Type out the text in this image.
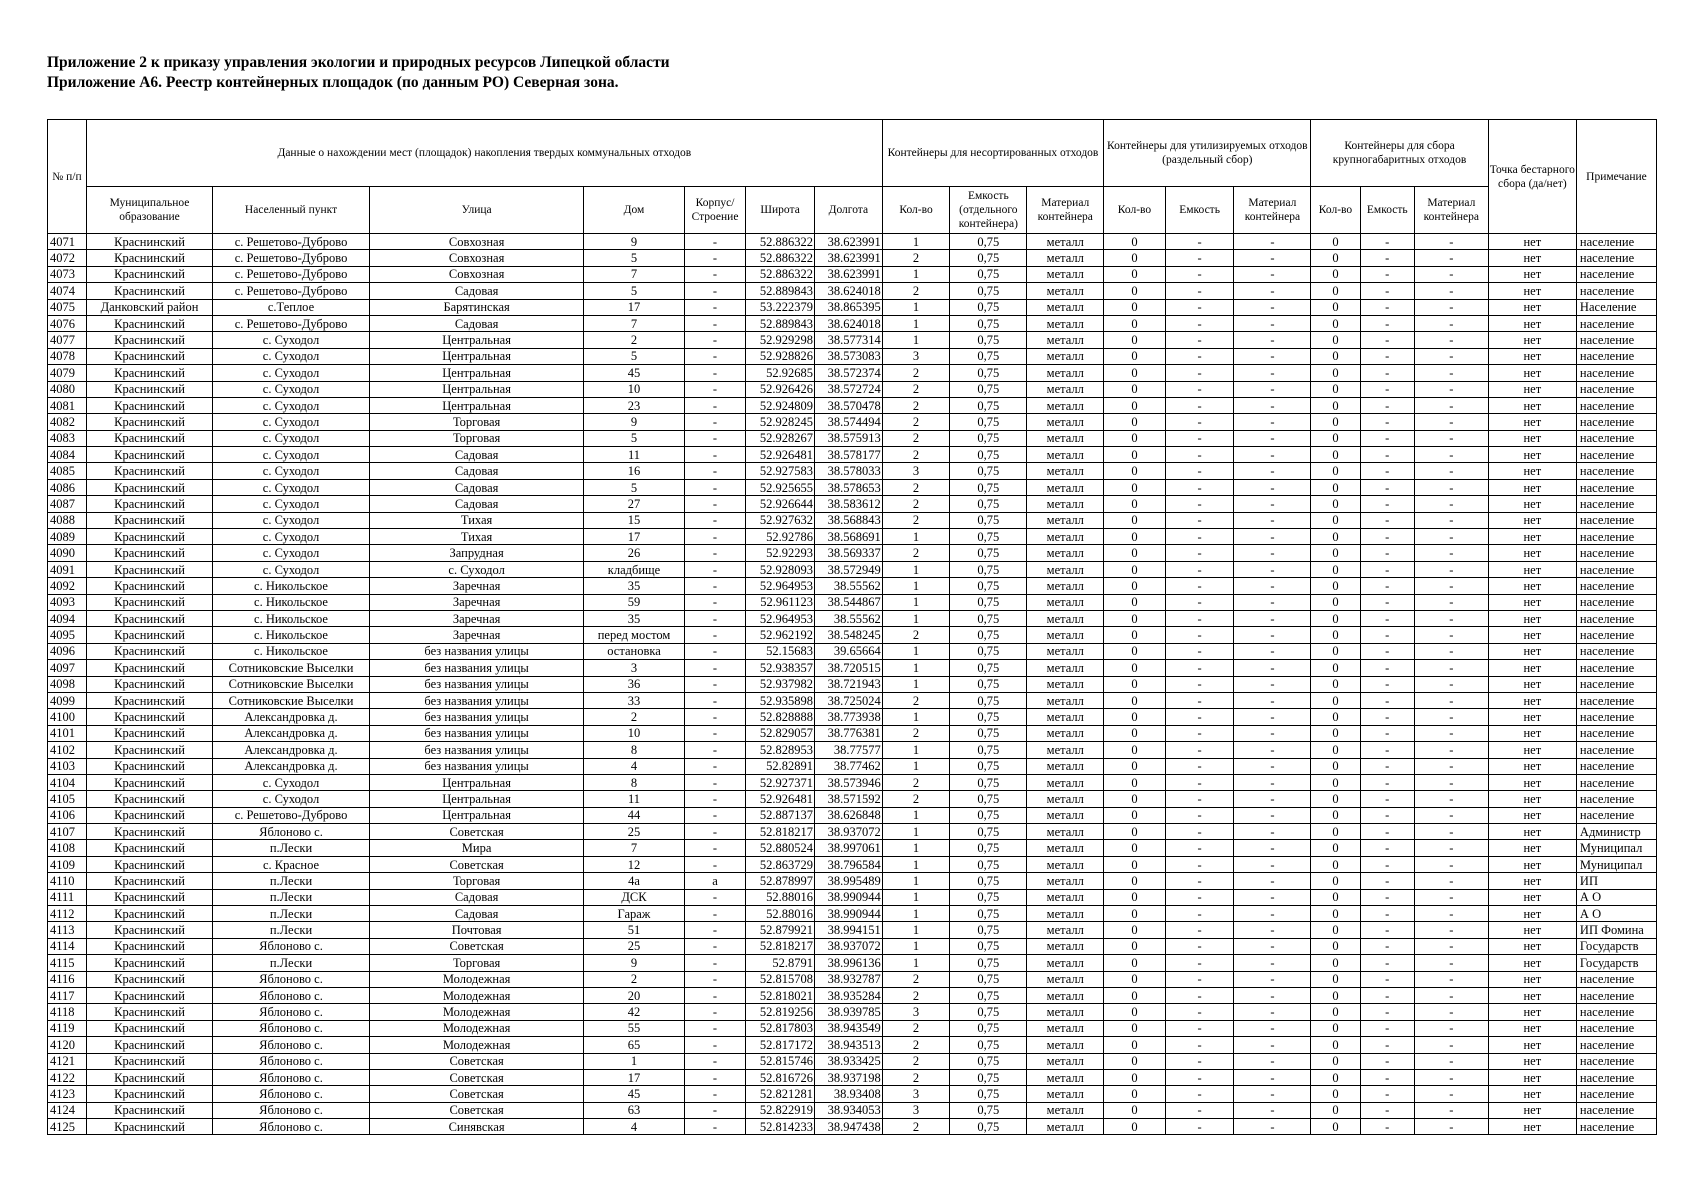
Приложение 2 к приказу управления экологии и природных ресурсов Липецкой области
Приложение А6. Реестр контейнерных площадок (по данным РО) Северная зона.
№ п/п	Данные о нахождении мест (площадок) накопления твердых коммунальных отходов							Контейнеры для несортированных отходов			Контейнеры для утилизируемых отходов (раздельный сбор)			Контейнеры для сбора крупногабаритных отходов			Точка бестарного сбора (да/нет)	Примечание
	Муниципальное образование	Населенный пункт	Улица	Дом	Корпус/ Строение	Широта	Долгота	Кол-во	Емкость (отдельного контейнера)	Материал контейнера	Кол-во	Емкость	Материал контейнера	Кол-во	Емкость	Материал контейнера		
4071	Краснинский	с. Решетово-Дуброво	Совхозная	9	-	52.886322	38.623991	1	0,75	металл	0	-	-	0	-	-	нет	население
4072	Краснинский	с. Решетово-Дуброво	Совхозная	5	-	52.886322	38.623991	2	0,75	металл	0	-	-	0	-	-	нет	население
4073	Краснинский	с. Решетово-Дуброво	Совхозная	7	-	52.886322	38.623991	1	0,75	металл	0	-	-	0	-	-	нет	население
4074	Краснинский	с. Решетово-Дуброво	Садовая	5	-	52.889843	38.624018	2	0,75	металл	0	-	-	0	-	-	нет	население
4075	Данковский район	с.Теплое	Барятинская	17	-	53.222379	38.865395	1	0,75	металл	0	-	-	0	-	-	нет	Население
4076	Краснинский	с. Решетово-Дуброво	Садовая	7	-	52.889843	38.624018	1	0,75	металл	0	-	-	0	-	-	нет	население
4077	Краснинский	с. Суходол	Центральная	2	-	52.929298	38.577314	1	0,75	металл	0	-	-	0	-	-	нет	население
4078	Краснинский	с. Суходол	Центральная	5	-	52.928826	38.573083	3	0,75	металл	0	-	-	0	-	-	нет	население
4079	Краснинский	с. Суходол	Центральная	45	-	52.92685	38.572374	2	0,75	металл	0	-	-	0	-	-	нет	население
4080	Краснинский	с. Суходол	Центральная	10	-	52.926426	38.572724	2	0,75	металл	0	-	-	0	-	-	нет	население
4081	Краснинский	с. Суходол	Центральная	23	-	52.924809	38.570478	2	0,75	металл	0	-	-	0	-	-	нет	население
4082	Краснинский	с. Суходол	Торговая	9	-	52.928245	38.574494	2	0,75	металл	0	-	-	0	-	-	нет	население
4083	Краснинский	с. Суходол	Торговая	5	-	52.928267	38.575913	2	0,75	металл	0	-	-	0	-	-	нет	население
4084	Краснинский	с. Суходол	Садовая	11	-	52.926481	38.578177	2	0,75	металл	0	-	-	0	-	-	нет	население
4085	Краснинский	с. Суходол	Садовая	16	-	52.927583	38.578033	3	0,75	металл	0	-	-	0	-	-	нет	население
4086	Краснинский	с. Суходол	Садовая	5	-	52.925655	38.578653	2	0,75	металл	0	-	-	0	-	-	нет	население
4087	Краснинский	с. Суходол	Садовая	27	-	52.926644	38.583612	2	0,75	металл	0	-	-	0	-	-	нет	население
4088	Краснинский	с. Суходол	Тихая	15	-	52.927632	38.568843	2	0,75	металл	0	-	-	0	-	-	нет	население
4089	Краснинский	с. Суходол	Тихая	17	-	52.92786	38.568691	1	0,75	металл	0	-	-	0	-	-	нет	население
4090	Краснинский	с. Суходол	Запрудная	26	-	52.92293	38.569337	2	0,75	металл	0	-	-	0	-	-	нет	население
4091	Краснинский	с. Суходол	с. Суходол	кладбище	-	52.928093	38.572949	1	0,75	металл	0	-	-	0	-	-	нет	население
4092	Краснинский	с. Никольское	Заречная	35	-	52.964953	38.55562	1	0,75	металл	0	-	-	0	-	-	нет	население
4093	Краснинский	с. Никольское	Заречная	59	-	52.961123	38.544867	1	0,75	металл	0	-	-	0	-	-	нет	население
4094	Краснинский	с. Никольское	Заречная	35	-	52.964953	38.55562	1	0,75	металл	0	-	-	0	-	-	нет	население
4095	Краснинский	с. Никольское	Заречная	перед мостом	-	52.962192	38.548245	2	0,75	металл	0	-	-	0	-	-	нет	население
4096	Краснинский	с. Никольское	без названия улицы	остановка	-	52.15683	39.65664	1	0,75	металл	0	-	-	0	-	-	нет	население
4097	Краснинский	Сотниковские Выселки	без названия улицы	3	-	52.938357	38.720515	1	0,75	металл	0	-	-	0	-	-	нет	население
4098	Краснинский	Сотниковские Выселки	без названия улицы	36	-	52.937982	38.721943	1	0,75	металл	0	-	-	0	-	-	нет	население
4099	Краснинский	Сотниковские Выселки	без названия улицы	33	-	52.935898	38.725024	2	0,75	металл	0	-	-	0	-	-	нет	население
4100	Краснинский	Александровка д.	без названия улицы	2	-	52.828888	38.773938	1	0,75	металл	0	-	-	0	-	-	нет	население
4101	Краснинский	Александровка д.	без названия улицы	10	-	52.829057	38.776381	2	0,75	металл	0	-	-	0	-	-	нет	население
4102	Краснинский	Александровка д.	без названия улицы	8	-	52.828953	38.77577	1	0,75	металл	0	-	-	0	-	-	нет	население
4103	Краснинский	Александровка д.	без названия улицы	4	-	52.82891	38.77462	1	0,75	металл	0	-	-	0	-	-	нет	население
4104	Краснинский	с. Суходол	Центральная	8	-	52.927371	38.573946	2	0,75	металл	0	-	-	0	-	-	нет	население
4105	Краснинский	с. Суходол	Центральная	11	-	52.926481	38.571592	2	0,75	металл	0	-	-	0	-	-	нет	население
4106	Краснинский	с. Решетово-Дуброво	Центральная	44	-	52.887137	38.626848	1	0,75	металл	0	-	-	0	-	-	нет	население
4107	Краснинский	Яблоново с.	Советская	25	-	52.818217	38.937072	1	0,75	металл	0	-	-	0	-	-	нет	Администр
4108	Краснинский	п.Лески	Мира	7	-	52.880524	38.997061	1	0,75	металл	0	-	-	0	-	-	нет	Муниципал
4109	Краснинский	с. Красное	Советская	12	-	52.863729	38.796584	1	0,75	металл	0	-	-	0	-	-	нет	Муниципал
4110	Краснинский	п.Лески	Торговая	4а	а	52.878997	38.995489	1	0,75	металл	0	-	-	0	-	-	нет	ИП
4111	Краснинский	п.Лески	Садовая	ДСК	-	52.88016	38.990944	1	0,75	металл	0	-	-	0	-	-	нет	А О
4112	Краснинский	п.Лески	Садовая	Гараж	-	52.88016	38.990944	1	0,75	металл	0	-	-	0	-	-	нет	А О
4113	Краснинский	п.Лески	Почтовая	51	-	52.879921	38.994151	1	0,75	металл	0	-	-	0	-	-	нет	ИП Фомина
4114	Краснинский	Яблоново с.	Советская	25	-	52.818217	38.937072	1	0,75	металл	0	-	-	0	-	-	нет	Государств
4115	Краснинский	п.Лески	Торговая	9	-	52.8791	38.996136	1	0,75	металл	0	-	-	0	-	-	нет	Государств
4116	Краснинский	Яблоново с.	Молодежная	2	-	52.815708	38.932787	2	0,75	металл	0	-	-	0	-	-	нет	население
4117	Краснинский	Яблоново с.	Молодежная	20	-	52.818021	38.935284	2	0,75	металл	0	-	-	0	-	-	нет	население
4118	Краснинский	Яблоново с.	Молодежная	42	-	52.819256	38.939785	3	0,75	металл	0	-	-	0	-	-	нет	население
4119	Краснинский	Яблоново с.	Молодежная	55	-	52.817803	38.943549	2	0,75	металл	0	-	-	0	-	-	нет	население
4120	Краснинский	Яблоново с.	Молодежная	65	-	52.817172	38.943513	2	0,75	металл	0	-	-	0	-	-	нет	население
4121	Краснинский	Яблоново с.	Советская	1	-	52.815746	38.933425	2	0,75	металл	0	-	-	0	-	-	нет	население
4122	Краснинский	Яблоново с.	Советская	17	-	52.816726	38.937198	2	0,75	металл	0	-	-	0	-	-	нет	население
4123	Краснинский	Яблоново с.	Советская	45	-	52.821281	38.93408	3	0,75	металл	0	-	-	0	-	-	нет	население
4124	Краснинский	Яблоново с.	Советская	63	-	52.822919	38.934053	3	0,75	металл	0	-	-	0	-	-	нет	население
4125	Краснинский	Яблоново с.	Синявская	4	-	52.814233	38.947438	2	0,75	металл	0	-	-	0	-	-	нет	население
